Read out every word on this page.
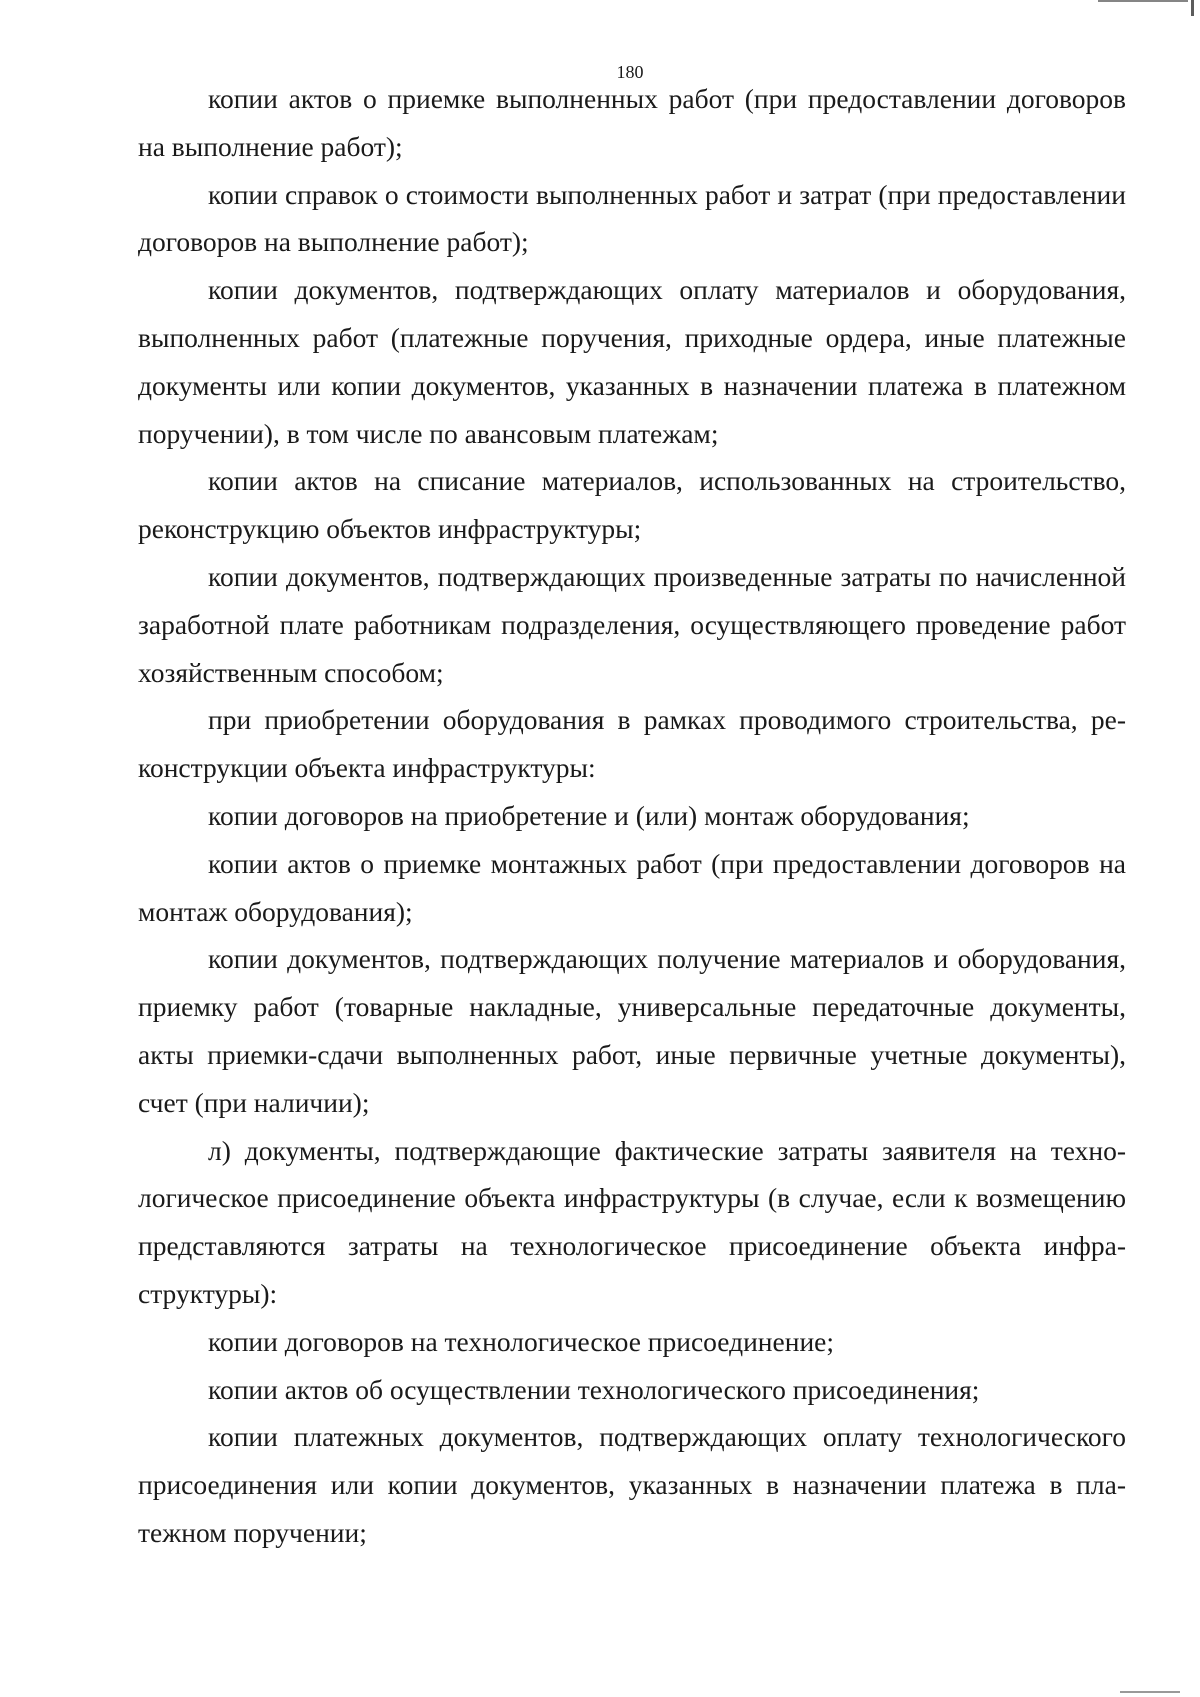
180

копии актов о приемке выполненных работ (при предоставлении договоров на выполнение работ);

копии справок о стоимости выполненных работ и затрат (при предоставлении договоров на выполнение работ);

копии документов, подтверждающих оплату материалов и оборудования, выполненных работ (платежные поручения, приходные ордера, иные платежные документы или копии документов, указанных в назначении платежа в платежном поручении), в том числе по авансовым платежам;

копии актов на списание материалов, использованных на строительство, реконструкцию объектов инфраструктуры;

копии документов, подтверждающих произведенные затраты по начисленной заработной плате работникам подразделения, осуществляющего проведение работ хозяйственным способом;

при приобретении оборудования в рамках проводимого строительства, реконструкции объекта инфраструктуры:

копии договоров на приобретение и (или) монтаж оборудования;

копии актов о приемке монтажных работ (при предоставлении договоров на монтаж оборудования);

копии документов, подтверждающих получение материалов и оборудования, приемку работ (товарные накладные, универсальные передаточные документы, акты приемки-сдачи выполненных работ, иные первичные учетные документы), счет (при наличии);

л) документы, подтверждающие фактические затраты заявителя на технологическое присоединение объекта инфраструктуры (в случае, если к возмещению представляются затраты на технологическое присоединение объекта инфраструктуры):

копии договоров на технологическое присоединение;

копии актов об осуществлении технологического присоединения;

копии платежных документов, подтверждающих оплату технологического присоединения или копии документов, указанных в назначении платежа в платежном поручении;
